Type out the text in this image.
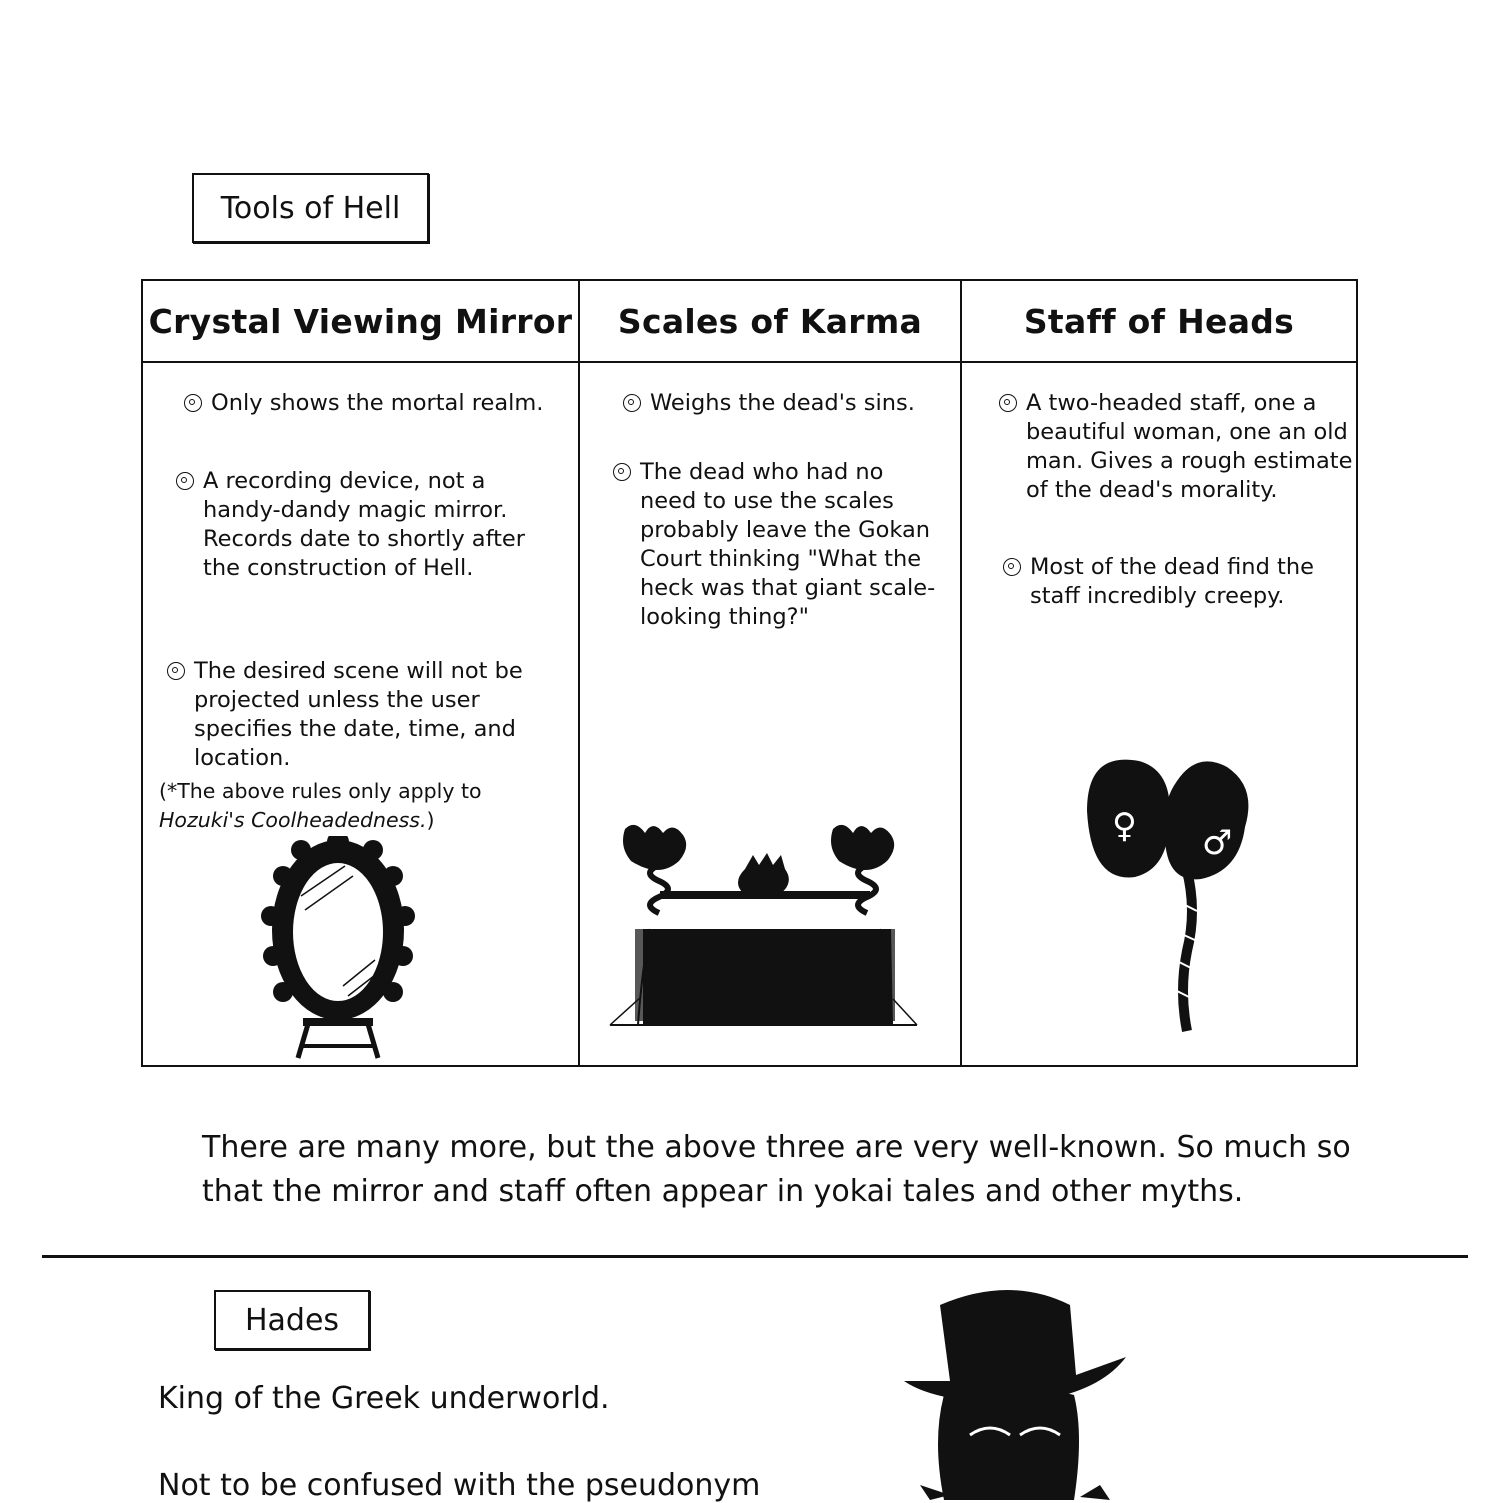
Tools of Hell
Crystal Viewing Mirror
Only shows the mortal realm.
A recording device, not a handy-dandy magic mirror. Records date to shortly after the construction of Hell.
The desired scene will not be projected unless the user specifies the date, time, and location.
(*The above rules only apply to Hozuki's Coolheadedness.)
Scales of Karma
Weighs the dead's sins.
The dead who had no need to use the scales probably leave the Gokan Court thinking "What the heck was that giant scale-looking thing?"
Staff of Heads
A two-headed staff, one a beautiful woman, one an old man. Gives a rough estimate of the dead's morality.
Most of the dead find the staff incredibly creepy.
♀ ♂
There are many more, but the above three are very well-known. So much so that the mirror and staff often appear in yokai tales and other myths.
Hades
King of the Greek underworld.
Not to be confused with the pseudonym
